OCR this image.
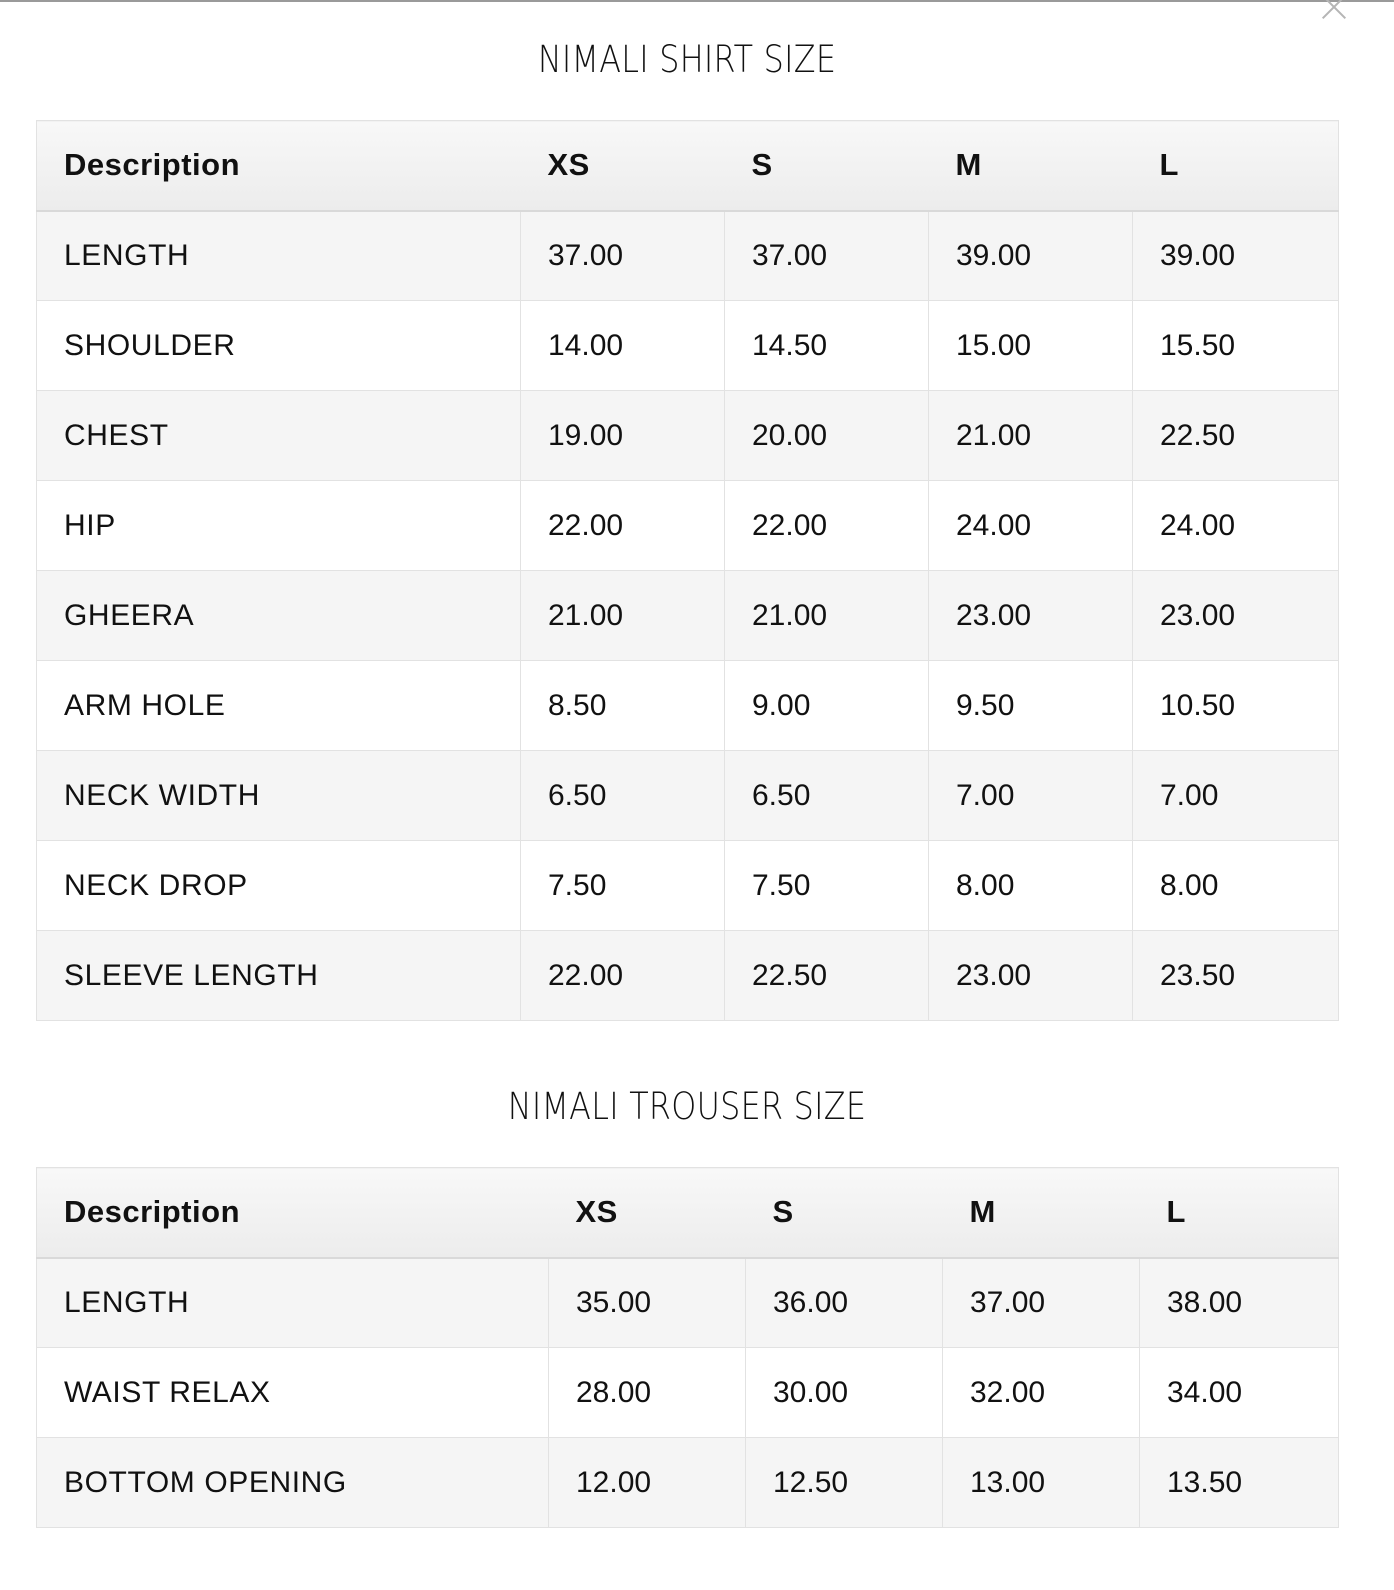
NIMALI SHIRT SIZE
Description	XS	S	M	L
LENGTH	37.00	37.00	39.00	39.00
SHOULDER	14.00	14.50	15.00	15.50
CHEST	19.00	20.00	21.00	22.50
HIP	22.00	22.00	24.00	24.00
GHEERA	21.00	21.00	23.00	23.00
ARM HOLE	8.50	9.00	9.50	10.50
NECK WIDTH	6.50	6.50	7.00	7.00
NECK DROP	7.50	7.50	8.00	8.00
SLEEVE LENGTH	22.00	22.50	23.00	23.50
NIMALI TROUSER SIZE
Description	XS	S	M	L
LENGTH	35.00	36.00	37.00	38.00
WAIST RELAX	28.00	30.00	32.00	34.00
BOTTOM OPENING	12.00	12.50	13.00	13.50
